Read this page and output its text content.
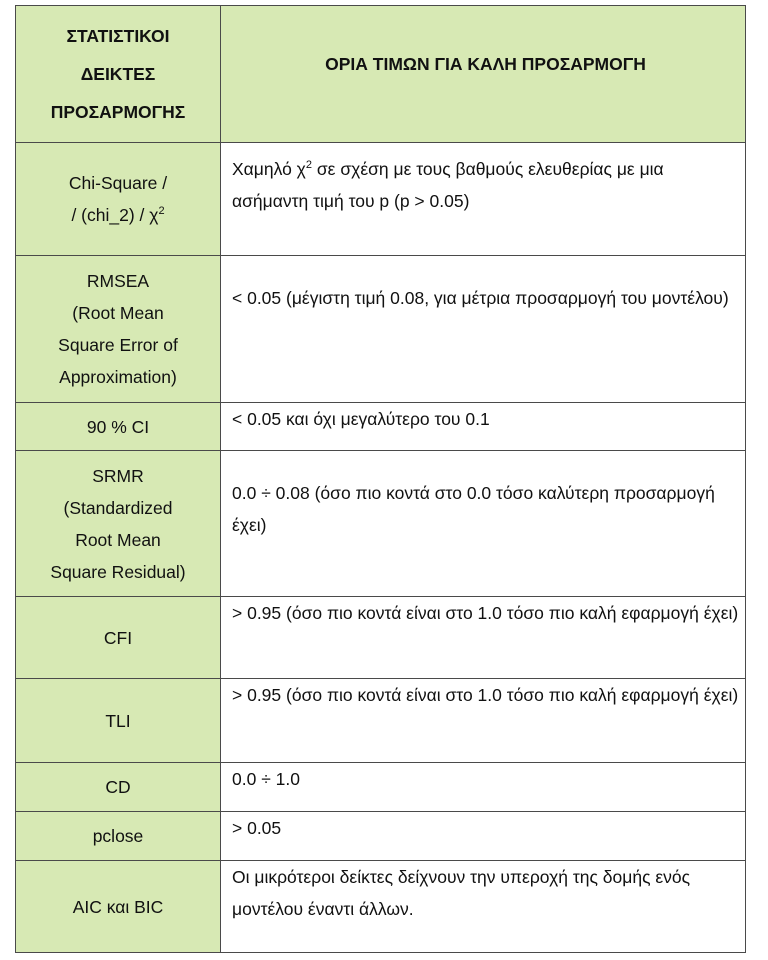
ΣΤΑΤΙΣΤΙΚΟΙ
ΔΕΙΚΤΕΣ
ΠΡΟΣΑΡΜΟΓΗΣ	ΟΡΙΑ ΤΙΜΩΝ ΓΙΑ ΚΑΛΗ ΠΡΟΣΑΡΜΟΓΗ

Chi-Square /
/ (chi_2) / $\chi^2$	Χαμηλό $\chi^2$ σε σχέση με τους βαθμούς ελευθερίας με μια ασήμαντη τιμή του p (p > 0.05)

RMSEA
(Root Mean
Square Error of
Approximation)	< 0.05 (μέγιστη τιμή 0.08, για μέτρια προσαρμογή του μοντέλου)
90 % CI	< 0.05 και όχι μεγαλύτερο του 0.1

SRMR
(Standardized
Root Mean
Square Residual)	0.0 ÷ 0.08 (όσο πιο κοντά στο 0.0 τόσο καλύτερη προσαρμογή έχει)
CFI	> 0.95 (όσο πιο κοντά είναι στο 1.0 τόσο πιο καλή εφαρμογή έχει)
TLI	> 0.95 (όσο πιο κοντά είναι στο 1.0 τόσο πιο καλή εφαρμογή έχει)
CD	0.0 ÷ 1.0
pclose	> 0.05
AIC και BIC	Οι μικρότεροι δείκτες δείχνουν την υπεροχή της δομής ενός μοντέλου έναντι άλλων.
